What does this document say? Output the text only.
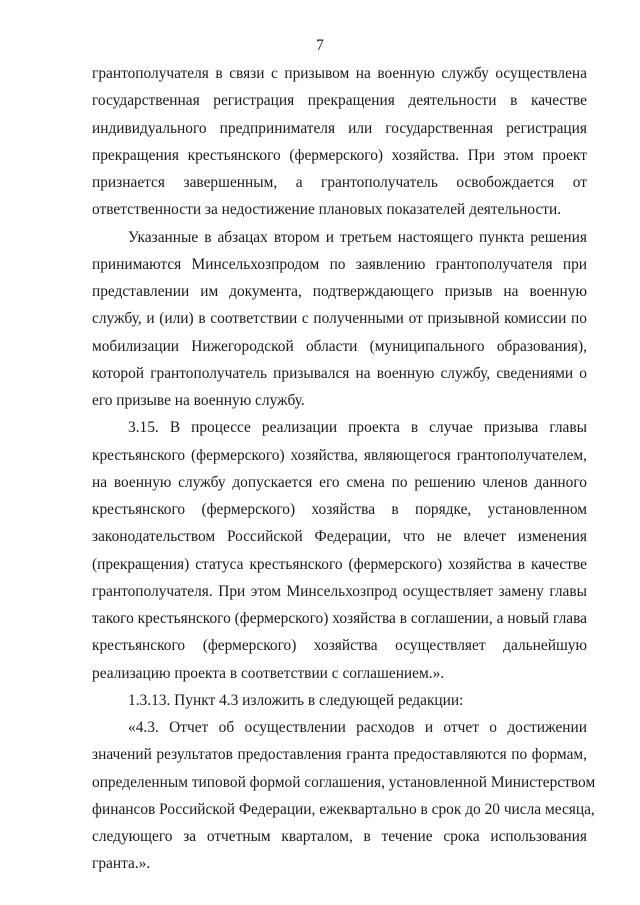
7

грантополучателя в связи с призывом на военную службу осуществлена
государственная регистрация прекращения деятельности в качестве
индивидуального предпринимателя или государственная регистрация
прекращения крестьянского (фермерского) хозяйства. При этом проект
признается завершенным, а грантополучатель освобождается от
ответственности за недостижение плановых показателей деятельности.

Указанные в абзацах втором и третьем настоящего пункта решения
принимаются Минсельхозпродом по заявлению грантополучателя при
представлении им документа, подтверждающего призыв на военную
службу, и (или) в соответствии с полученными от призывной комиссии по
мобилизации Нижегородской области (муниципального образования),
которой грантополучатель призывался на военную службу, сведениями о
его призыве на военную службу.

3.15. В процессе реализации проекта в случае призыва главы
крестьянского (фермерского) хозяйства, являющегося грантополучателем,
на военную службу допускается его смена по решению членов данного
крестьянского (фермерского) хозяйства в порядке, установленном
законодательством Российской Федерации, что не влечет изменения
(прекращения) статуса крестьянского (фермерского) хозяйства в качестве
грантополучателя. При этом Минсельхозпрод осуществляет замену главы
такого крестьянского (фермерского) хозяйства в соглашении, а новый глава
крестьянского (фермерского) хозяйства осуществляет дальнейшую
реализацию проекта в соответствии с соглашением.».

1.3.13. Пункт 4.3 изложить в следующей редакции:

«4.3. Отчет об осуществлении расходов и отчет о достижении
значений результатов предоставления гранта предоставляются по формам,
определенным типовой формой соглашения, установленной Министерством
финансов Российской Федерации, ежеквартально в срок до 20 числа месяца,
следующего за отчетным кварталом, в течение срока использования
гранта.».
